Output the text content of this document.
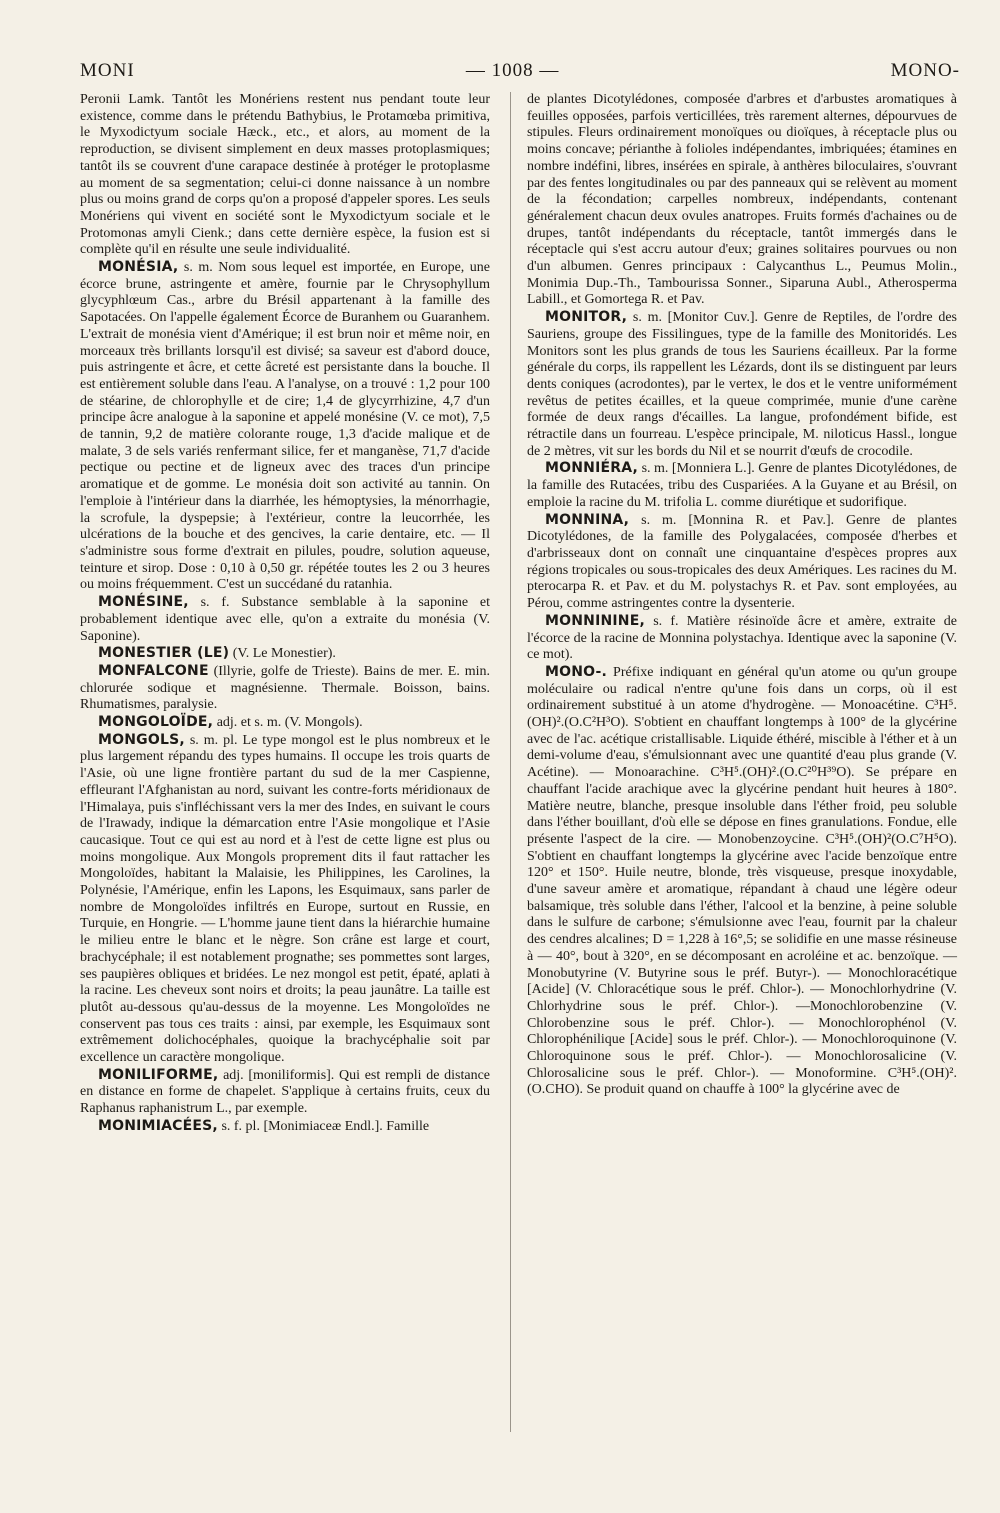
MONI	— 1008 —	MONO-

Peronii Lamk. Tantôt les Monériens restent nus pendant toute leur existence, comme dans le prétendu Bathybius, le Protamœba primitiva, le Myxodictyum sociale Hæck., etc., et alors, au moment de la reproduction, se divisent simplement en deux masses protoplasmiques; tantôt ils se couvrent d'une carapace destinée à protéger le protoplasme au moment de sa segmentation; celui-ci donne naissance à un nombre plus ou moins grand de corps qu'on a proposé d'appeler spores. Les seuls Monériens qui vivent en société sont le Myxodictyum sociale et le Protomonas amyli Cienk.; dans cette dernière espèce, la fusion est si complète qu'il en résulte une seule individualité.

MONÉSIA, s. m. Nom sous lequel est importée, en Europe, une écorce brune, astringente et amère, fournie par le Chrysophyllum glycyphlœum Cas., arbre du Brésil appartenant à la famille des Sapotacées. On l'appelle également Écorce de Buranhem ou Guaranhem. L'extrait de monésia vient d'Amérique; il est brun noir et même noir, en morceaux très brillants lorsqu'il est divisé; sa saveur est d'abord douce, puis astringente et âcre, et cette âcreté est persistante dans la bouche. Il est entièrement soluble dans l'eau. A l'analyse, on a trouvé : 1,2 pour 100 de stéarine, de chlorophylle et de cire; 1,4 de glycyrrhizine, 4,7 d'un principe âcre analogue à la saponine et appelé monésine (V. ce mot), 7,5 de tannin, 9,2 de matière colorante rouge, 1,3 d'acide malique et de malate, 3 de sels variés renfermant silice, fer et manganèse, 71,7 d'acide pectique ou pectine et de ligneux avec des traces d'un principe aromatique et de gomme. Le monésia doit son activité au tannin. On l'emploie à l'intérieur dans la diarrhée, les hémoptysies, la ménorrhagie, la scrofule, la dyspepsie; à l'extérieur, contre la leucorrhée, les ulcérations de la bouche et des gencives, la carie dentaire, etc. — Il s'administre sous forme d'extrait en pilules, poudre, solution aqueuse, teinture et sirop. Dose : 0,10 à 0,50 gr. répétée toutes les 2 ou 3 heures ou moins fréquemment. C'est un succédané du ratanhia.

MONÉSINE, s. f. Substance semblable à la saponine et probablement identique avec elle, qu'on a extraite du monésia (V. Saponine).

MONESTIER (LE) (V. Le Monestier).

MONFALCONE (Illyrie, golfe de Trieste). Bains de mer. E. min. chlorurée sodique et magnésienne. Thermale. Boisson, bains. Rhumatismes, paralysie.

MONGOLOÏDE, adj. et s. m. (V. Mongols).

MONGOLS, s. m. pl. Le type mongol est le plus nombreux et le plus largement répandu des types humains. Il occupe les trois quarts de l'Asie, où une ligne frontière partant du sud de la mer Caspienne, effleurant l'Afghanistan au nord, suivant les contre-forts méridionaux de l'Himalaya, puis s'infléchissant vers la mer des Indes, en suivant le cours de l'Irawady, indique la démarcation entre l'Asie mongolique et l'Asie caucasique. Tout ce qui est au nord et à l'est de cette ligne est plus ou moins mongolique. Aux Mongols proprement dits il faut rattacher les Mongoloïdes, habitant la Malaisie, les Philippines, les Carolines, la Polynésie, l'Amérique, enfin les Lapons, les Esquimaux, sans parler de nombre de Mongoloïdes infiltrés en Europe, surtout en Russie, en Turquie, en Hongrie. — L'homme jaune tient dans la hiérarchie humaine le milieu entre le blanc et le nègre. Son crâne est large et court, brachycéphale; il est notablement prognathe; ses pommettes sont larges, ses paupières obliques et bridées. Le nez mongol est petit, épaté, aplati à la racine. Les cheveux sont noirs et droits; la peau jaunâtre. La taille est plutôt au-dessous qu'au-dessus de la moyenne. Les Mongoloïdes ne conservent pas tous ces traits : ainsi, par exemple, les Esquimaux sont extrêmement dolichocéphales, quoique la brachycéphalie soit par excellence un caractère mongolique.

MONILIFORME, adj. [moniliformis]. Qui est rempli de distance en distance en forme de chapelet. S'applique à certains fruits, ceux du Raphanus raphanistrum L., par exemple.

MONIMIACÉES, s. f. pl. [Monimiaceæ Endl.]. Famille

de plantes Dicotylédones, composée d'arbres et d'arbustes aromatiques à feuilles opposées, parfois verticillées, très rarement alternes, dépourvues de stipules. Fleurs ordinairement monoïques ou dioïques, à réceptacle plus ou moins concave; périanthe à folioles indépendantes, imbriquées; étamines en nombre indéfini, libres, insérées en spirale, à anthères biloculaires, s'ouvrant par des fentes longitudinales ou par des panneaux qui se relèvent au moment de la fécondation; carpelles nombreux, indépendants, contenant généralement chacun deux ovules anatropes. Fruits formés d'achaines ou de drupes, tantôt indépendants du réceptacle, tantôt immergés dans le réceptacle qui s'est accru autour d'eux; graines solitaires pourvues ou non d'un albumen. Genres principaux : Calycanthus L., Peumus Molin., Monimia Dup.-Th., Tambourissa Sonner., Siparuna Aubl., Atherosperma Labill., et Gomortega R. et Pav.

MONITOR, s. m. [Monitor Cuv.]. Genre de Reptiles, de l'ordre des Sauriens, groupe des Fissilingues, type de la famille des Monitoridés. Les Monitors sont les plus grands de tous les Sauriens écailleux. Par la forme générale du corps, ils rappellent les Lézards, dont ils se distinguent par leurs dents coniques (acrodontes), par le vertex, le dos et le ventre uniformément revêtus de petites écailles, et la queue comprimée, munie d'une carène formée de deux rangs d'écailles. La langue, profondément bifide, est rétractile dans un fourreau. L'espèce principale, M. niloticus Hassl., longue de 2 mètres, vit sur les bords du Nil et se nourrit d'œufs de crocodile.

MONNIÉRA, s. m. [Monniera L.]. Genre de plantes Dicotylédones, de la famille des Rutacées, tribu des Cuspariées. A la Guyane et au Brésil, on emploie la racine du M. trifolia L. comme diurétique et sudorifique.

MONNINA, s. m. [Monnina R. et Pav.]. Genre de plantes Dicotylédones, de la famille des Polygalacées, composée d'herbes et d'arbrisseaux dont on connaît une cinquantaine d'espèces propres aux régions tropicales ou sous-tropicales des deux Amériques. Les racines du M. pterocarpa R. et Pav. et du M. polystachys R. et Pav. sont employées, au Pérou, comme astringentes contre la dysenterie.

MONNININE, s. f. Matière résinoïde âcre et amère, extraite de l'écorce de la racine de Monnina polystachya. Identique avec la saponine (V. ce mot).

MONO-. Préfixe indiquant en général qu'un atome ou qu'un groupe moléculaire ou radical n'entre qu'une fois dans un corps, où il est ordinairement substitué à un atome d'hydrogène. — Monoacétine. C³H⁵.(OH)².(O.C²H³O). S'obtient en chauffant longtemps à 100° de la glycérine avec de l'ac. acétique cristallisable. Liquide éthéré, miscible à l'éther et à un demi-volume d'eau, s'émulsionnant avec une quantité d'eau plus grande (V. Acétine). — Monoarachine. C³H⁵.(OH)².(O.C²⁰H³⁹O). Se prépare en chauffant l'acide arachique avec la glycérine pendant huit heures à 180°. Matière neutre, blanche, presque insoluble dans l'éther froid, peu soluble dans l'éther bouillant, d'où elle se dépose en fines granulations. Fondue, elle présente l'aspect de la cire. — Monobenzoycine. C³H⁵.(OH)²(O.C⁷H⁵O). S'obtient en chauffant longtemps la glycérine avec l'acide benzoïque entre 120° et 150°. Huile neutre, blonde, très visqueuse, presque inoxydable, d'une saveur amère et aromatique, répandant à chaud une légère odeur balsamique, très soluble dans l'éther, l'alcool et la benzine, à peine soluble dans le sulfure de carbone; s'émulsionne avec l'eau, fournit par la chaleur des cendres alcalines; D = 1,228 à 16°,5; se solidifie en une masse résineuse à — 40°, bout à 320°, en se décomposant en acroléine et ac. benzoïque. — Monobutyrine (V. Butyrine sous le préf. Butyr-). — Monochloracétique [Acide] (V. Chloracétique sous le préf. Chlor-). — Monochlorhydrine (V. Chlorhydrine sous le préf. Chlor-). —Monochlorobenzine (V. Chlorobenzine sous le préf. Chlor-). — Monochlorophénol (V. Chlorophénilique [Acide] sous le préf. Chlor-). — Monochloroquinone (V. Chloroquinone sous le préf. Chlor-). — Monochlorosalicine (V. Chlorosalicine sous le préf. Chlor-). — Monoformine. C³H⁵.(OH)².(O.CHO). Se produit quand on chauffe à 100° la glycérine avec de
